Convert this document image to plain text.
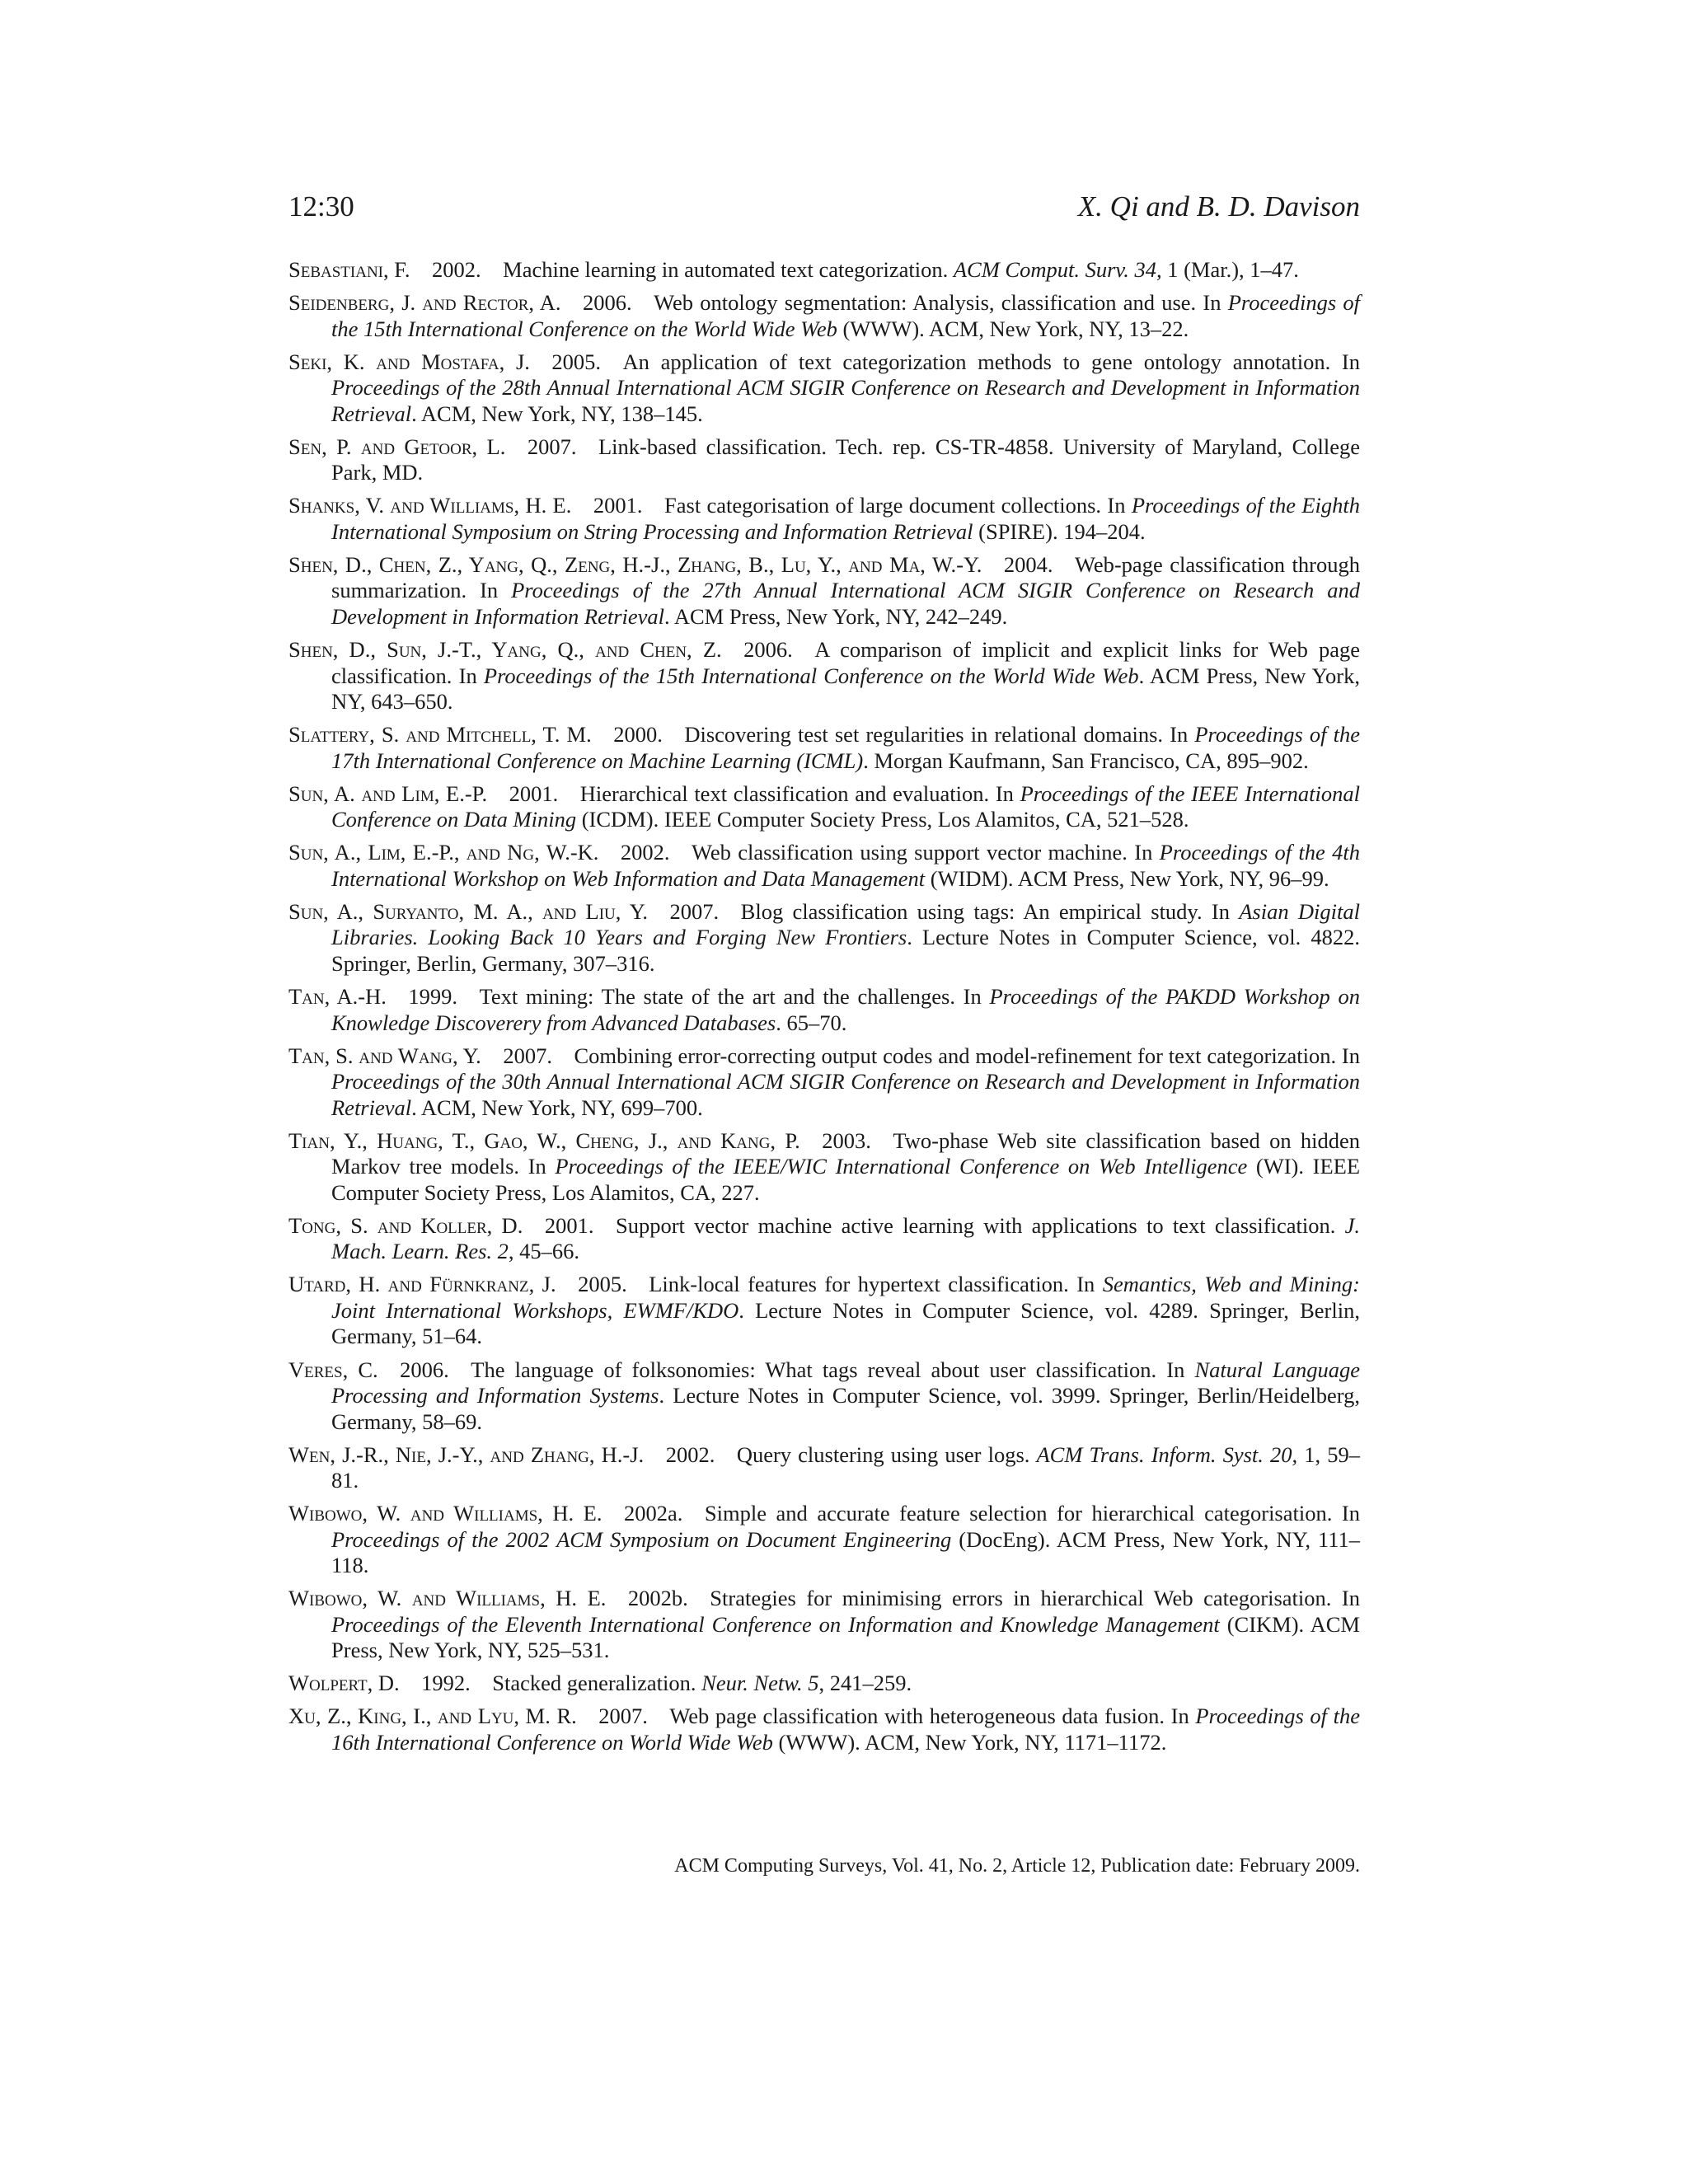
12:30	X. Qi and B. D. Davison

Sebastiani, F.  2002.  Machine learning in automated text categorization. ACM Comput. Surv. 34, 1 (Mar.), 1–47.

Seidenberg, J. and Rector, A.  2006.  Web ontology segmentation: Analysis, classification and use. In Proceedings of the 15th International Conference on the World Wide Web (WWW). ACM, New York, NY, 13–22.

Seki, K. and Mostafa, J.  2005.  An application of text categorization methods to gene ontology annotation. In Proceedings of the 28th Annual International ACM SIGIR Conference on Research and Development in Information Retrieval. ACM, New York, NY, 138–145.

Sen, P. and Getoor, L.  2007.  Link-based classification. Tech. rep. CS-TR-4858. University of Maryland, College Park, MD.

Shanks, V. and Williams, H. E.  2001.  Fast categorisation of large document collections. In Proceedings of the Eighth International Symposium on String Processing and Information Retrieval (SPIRE). 194–204.

Shen, D., Chen, Z., Yang, Q., Zeng, H.-J., Zhang, B., Lu, Y., and Ma, W.-Y.  2004.  Web-page classification through summarization. In Proceedings of the 27th Annual International ACM SIGIR Conference on Research and Development in Information Retrieval. ACM Press, New York, NY, 242–249.

Shen, D., Sun, J.-T., Yang, Q., and Chen, Z.  2006.  A comparison of implicit and explicit links for Web page classification. In Proceedings of the 15th International Conference on the World Wide Web. ACM Press, New York, NY, 643–650.

Slattery, S. and Mitchell, T. M.  2000.  Discovering test set regularities in relational domains. In Proceedings of the 17th International Conference on Machine Learning (ICML). Morgan Kaufmann, San Francisco, CA, 895–902.

Sun, A. and Lim, E.-P.  2001.  Hierarchical text classification and evaluation. In Proceedings of the IEEE International Conference on Data Mining (ICDM). IEEE Computer Society Press, Los Alamitos, CA, 521–528.

Sun, A., Lim, E.-P., and Ng, W.-K.  2002.  Web classification using support vector machine. In Proceedings of the 4th International Workshop on Web Information and Data Management (WIDM). ACM Press, New York, NY, 96–99.

Sun, A., Suryanto, M. A., and Liu, Y.  2007.  Blog classification using tags: An empirical study. In Asian Digital Libraries. Looking Back 10 Years and Forging New Frontiers. Lecture Notes in Computer Science, vol. 4822. Springer, Berlin, Germany, 307–316.

Tan, A.-H.  1999.  Text mining: The state of the art and the challenges. In Proceedings of the PAKDD Workshop on Knowledge Discoverery from Advanced Databases. 65–70.

Tan, S. and Wang, Y.  2007.  Combining error-correcting output codes and model-refinement for text categorization. In Proceedings of the 30th Annual International ACM SIGIR Conference on Research and Development in Information Retrieval. ACM, New York, NY, 699–700.

Tian, Y., Huang, T., Gao, W., Cheng, J., and Kang, P.  2003.  Two-phase Web site classification based on hidden Markov tree models. In Proceedings of the IEEE/WIC International Conference on Web Intelligence (WI). IEEE Computer Society Press, Los Alamitos, CA, 227.

Tong, S. and Koller, D.  2001.  Support vector machine active learning with applications to text classification. J. Mach. Learn. Res. 2, 45–66.

Utard, H. and Fürnkranz, J.  2005.  Link-local features for hypertext classification. In Semantics, Web and Mining: Joint International Workshops, EWMF/KDO. Lecture Notes in Computer Science, vol. 4289. Springer, Berlin, Germany, 51–64.

Veres, C.  2006.  The language of folksonomies: What tags reveal about user classification. In Natural Language Processing and Information Systems. Lecture Notes in Computer Science, vol. 3999. Springer, Berlin/Heidelberg, Germany, 58–69.

Wen, J.-R., Nie, J.-Y., and Zhang, H.-J.  2002.  Query clustering using user logs. ACM Trans. Inform. Syst. 20, 1, 59–81.

Wibowo, W. and Williams, H. E.  2002a.  Simple and accurate feature selection for hierarchical categorisation. In Proceedings of the 2002 ACM Symposium on Document Engineering (DocEng). ACM Press, New York, NY, 111–118.

Wibowo, W. and Williams, H. E.  2002b.  Strategies for minimising errors in hierarchical Web categorisation. In Proceedings of the Eleventh International Conference on Information and Knowledge Management (CIKM). ACM Press, New York, NY, 525–531.

Wolpert, D.  1992.  Stacked generalization. Neur. Netw. 5, 241–259.

Xu, Z., King, I., and Lyu, M. R.  2007.  Web page classification with heterogeneous data fusion. In Proceedings of the 16th International Conference on World Wide Web (WWW). ACM, New York, NY, 1171–1172.

ACM Computing Surveys, Vol. 41, No. 2, Article 12, Publication date: February 2009.
